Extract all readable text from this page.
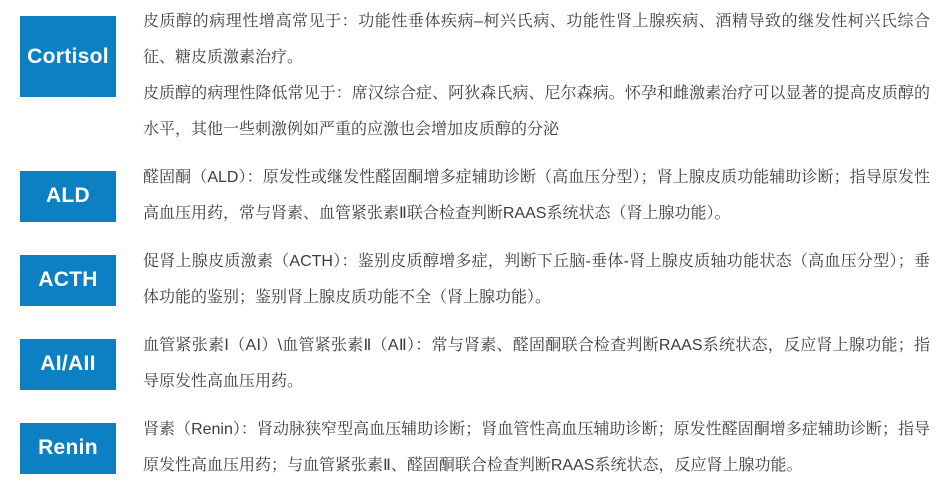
Cortisol

皮质醇的病理性增高常见于：功能性垂体疾病–柯兴氏病、功能性肾上腺疾病、酒精导致的继发性柯兴氏综合征、糖皮质激素治疗。

皮质醇的病理性降低常见于：席汉综合症、阿狄森氏病、尼尔森病。怀孕和雌激素治疗可以显著的提高皮质醇的水平，其他一些刺激例如严重的应激也会增加皮质醇的分泌

ALD

醛固酮（ALD）：原发性或继发性醛固酮增多症辅助诊断（高血压分型）；肾上腺皮质功能辅助诊断；指导原发性高血压用药，常与肾素、血管紧张素Ⅱ联合检查判断RAAS系统状态（肾上腺功能）。

ACTH

促肾上腺皮质激素（ACTH）：鉴别皮质醇增多症，判断下丘脑-垂体-肾上腺皮质轴功能状态（高血压分型）；垂体功能的鉴别；鉴别肾上腺皮质功能不全（肾上腺功能）。

AI/AII

血管紧张素Ⅰ（AⅠ）\血管紧张素Ⅱ（AⅡ）：常与肾素、醛固酮联合检查判断RAAS系统状态，反应肾上腺功能；指导原发性高血压用药。

Renin

肾素（Renin）：肾动脉狭窄型高血压辅助诊断；肾血管性高血压辅助诊断；原发性醛固酮增多症辅助诊断；指导原发性高血压用药；与血管紧张素Ⅱ、醛固酮联合检查判断RAAS系统状态，反应肾上腺功能。
